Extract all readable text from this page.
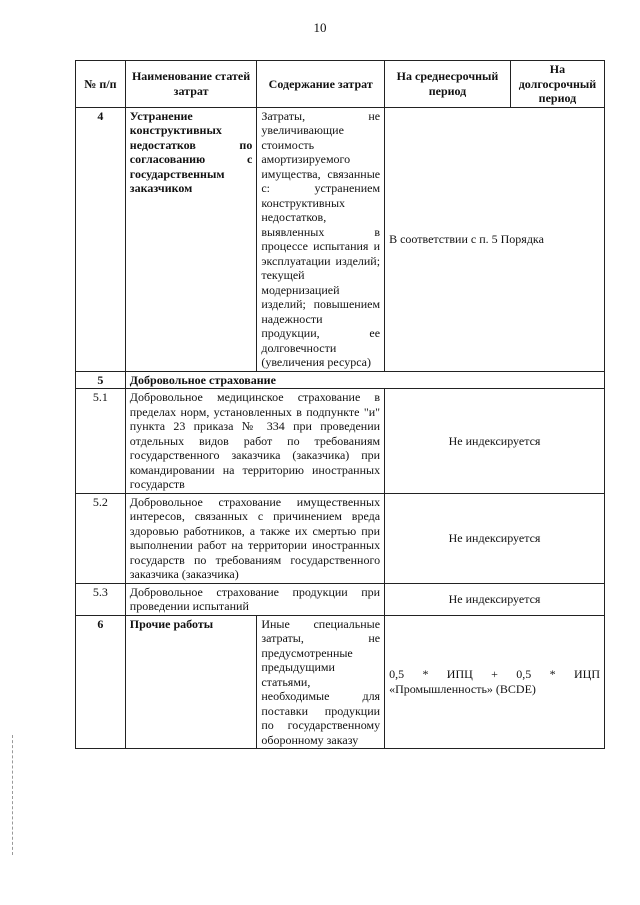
10
№ п/п	Наименование статей затрат	Содержание затрат	На среднесрочный период	На долгосрочный период
4	Устранение конструктивных недостатков по согласованию с государственным заказчиком	Затраты, не увеличивающие стоимость амортизируемого имущества, связанные с: устранением конструктивных недостатков, выявленных в процессе испытания и эксплуатации изделий; текущей модернизацией изделий; повышением надежности продукции, ее долговечности (увеличения ресурса)	В соответствии с п. 5 Порядка	
5	Добровольное страхование			
5.1	Добровольное медицинское страхование в пределах норм, установленных в подпункте "и" пункта 23 приказа № 334 при проведении отдельных видов работ по требованиям государственного заказчика (заказчика) при командировании на территорию иностранных государств		Не индексируется	
5.2	Добровольное страхование имущественных интересов, связанных с причинением вреда здоровью работников, а также их смертью при выполнении работ на территории иностранных государств по требованиям государственного заказчика (заказчика)		Не индексируется	
5.3	Добровольное страхование продукции при проведении испытаний		Не индексируется	
6	Прочие работы	Иные специальные затраты, не предусмотренные предыдущими статьями, необходимые для поставки продукции по государственному оборонному заказу	0,5 * ИПЦ + 0,5 * ИЦП «Промышленность» (BCDE)	
